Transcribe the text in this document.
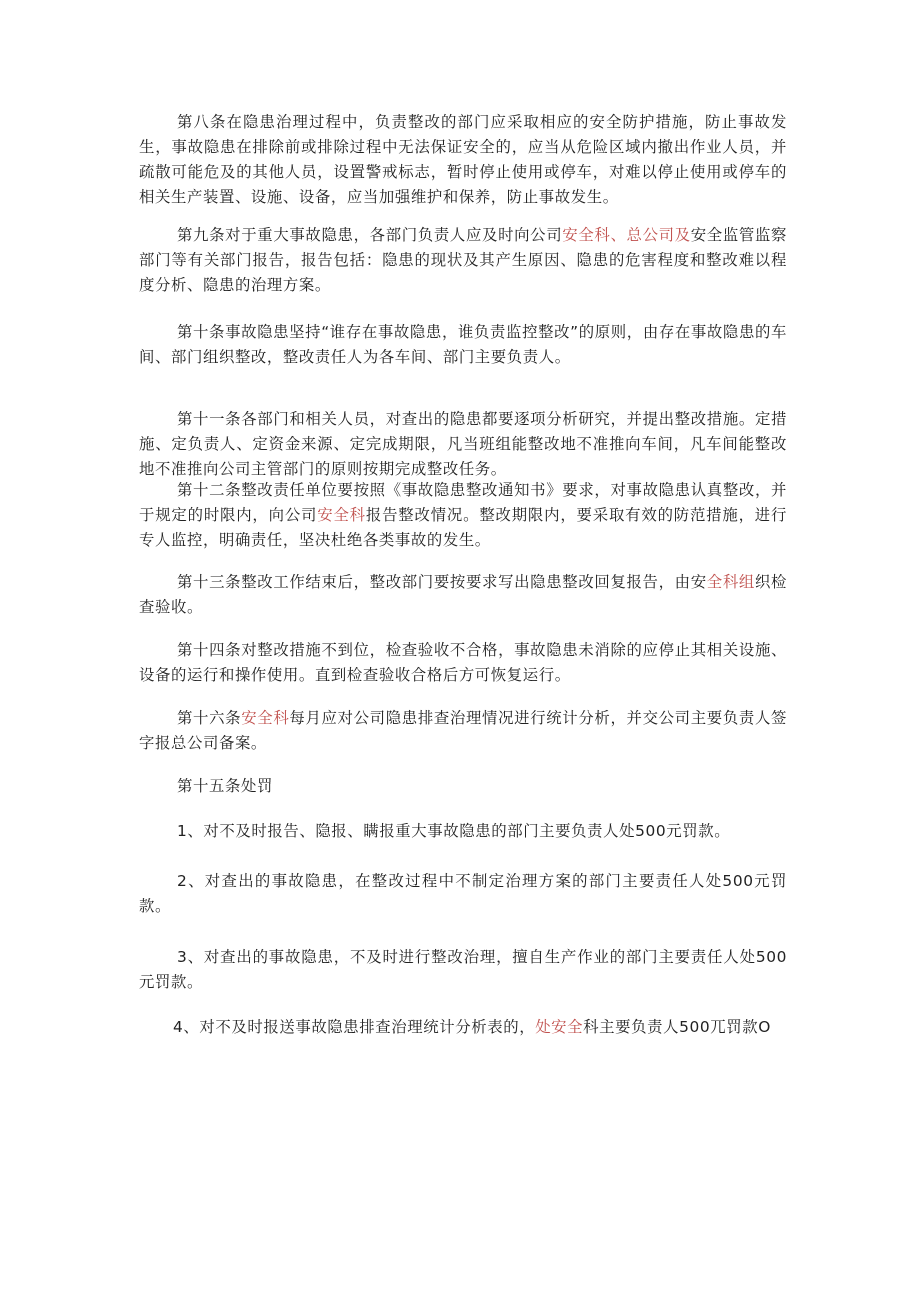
第八条在隐患治理过程中，负责整改的部门应采取相应的安全防护措施，防止事故发生，事故隐患在排除前或排除过程中无法保证安全的，应当从危险区域内撤出作业人员，并疏散可能危及的其他人员，设置警戒标志，暂时停止使用或停车，对难以停止使用或停车的相关生产装置、设施、设备，应当加强维护和保养，防止事故发生。

第九条对于重大事故隐患，各部门负责人应及时向公司安全科、总公司及安全监管监察部门等有关部门报告，报告包括：隐患的现状及其产生原因、隐患的危害程度和整改难以程度分析、隐患的治理方案。

第十条事故隐患坚持“谁存在事故隐患，谁负责监控整改”的原则，由存在事故隐患的车间、部门组织整改，整改责任人为各车间、部门主要负责人。

第十一条各部门和相关人员，对查出的隐患都要逐项分析研究，并提出整改措施。定措施、定负责人、定资金来源、定完成期限，凡当班组能整改地不准推向车间，凡车间能整改地不准推向公司主管部门的原则按期完成整改任务。

第十二条整改责任单位要按照《事故隐患整改通知书》要求，对事故隐患认真整改，并于规定的时限内，向公司安全科报告整改情况。整改期限内，要采取有效的防范措施，进行专人监控，明确责任，坚决杜绝各类事故的发生。

第十三条整改工作结束后，整改部门要按要求写出隐患整改回复报告，由安全科组织检查验收。

第十四条对整改措施不到位，检查验收不合格，事故隐患未消除的应停止其相关设施、设备的运行和操作使用。直到检查验收合格后方可恢复运行。

第十六条安全科每月应对公司隐患排查治理情况进行统计分析，并交公司主要负责人签字报总公司备案。

第十五条处罚

1、对不及时报告、隐报、瞒报重大事故隐患的部门主要负责人处500元罚款。

2、对查出的事故隐患，在整改过程中不制定治理方案的部门主要责任人处500元罚款。

3、对查出的事故隐患，不及时进行整改治理，擅自生产作业的部门主要责任人处500元罚款。

4、对不及时报送事故隐患排查治理统计分析表的，处安全科主要负责人500兀罚款O
